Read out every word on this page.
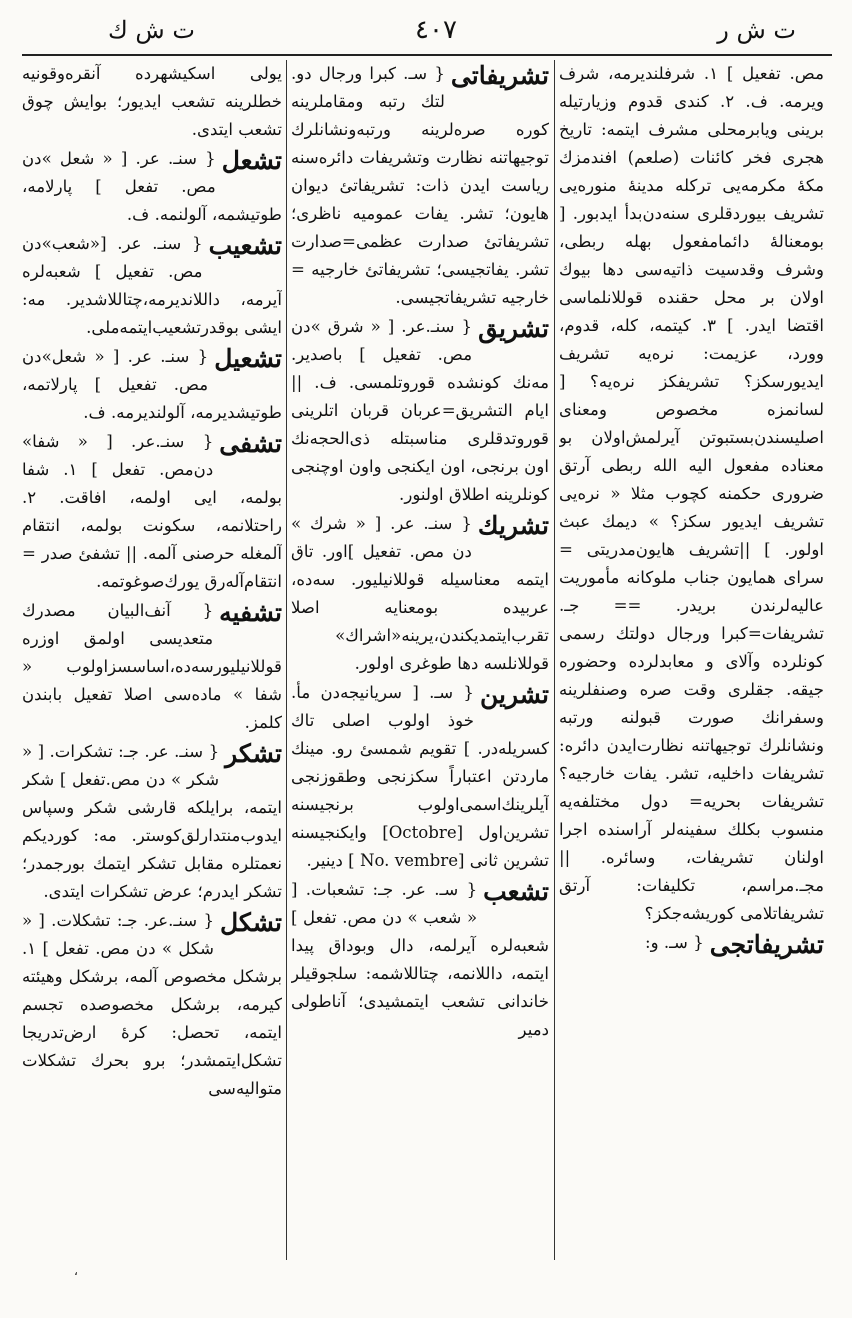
ت ش ر
٤٠٧
ت ش ك
مص. تفعيل ] ١. شرفلندیرمه، شرف ويرمه. ف. ٢. كندى قدوم وزيارتيله برينى ويابرمحلى مشرف ايتمه: تاريخ هجرى فخر كائنات (صلعم) افندمزك مكهٔ مكرمه‌يى تركله مدينهٔ منوره‌يى تشريف بيوردقلرى سنه‌دن‌بدأ ايدبور. [ بومعنالهٔ دائمامفعول بهله ربطى، وشرف وقدسيت ذاتيه‌سى دها بيوك اولان بر محل حقنده قوللانلماسى اقتضا ايدر. ] ٣. كيتمه، كله، قدوم، وورد، عزيمت: نره‌يه تشريف ايديورسكز؟ تشريفكز نره‌يه؟ [ لسانمزه مخصوص ومعناى اصليسندن‌بستبوتن آيرلمش‌اولان بو معناده مفعول اليه الله ربطى آرتق ضرورى حكمنه كچوب مثلا « نره‌يى تشريف ايديور سكز؟ » ديمك عبث اولور. ] ||تشريف هايون‌مدريتى = سراى همايون جناب ملوكانه مأموريت عاليه‌لرندن بريدر. == جـ. تشريفات=كبرا ورجال دولتك رسمى كونلرده وآلاى و معابدلرده وحضوره جيقه. جقلرى وقت صره وصنفلرينه وسفرانك صورت قبولنه ورتبه ونشانلرك توجيهاتنه نظارت‌ايدن دائره: تشريفات داخليه، تشر. يفات خارجيه؟ تشريفات بحريه= دول مختلفه‌يه منسوب بكلك سفينه‌لر آراسنده اجرا اولنان تشريفات، وسائره. || مجـ.مراسم، تكليفات: آرتق تشريفاتلامى كوريشه‌جكز؟
تشريفاتجى
{ سـ. و:
تشريفاتى
{ سـ. كبرا ورجال دو. لتك رتبه ومقاملرينه كوره صره‌لرينه ورتبه‌ونشانلرك توجيهاتنه نظارت وتشريفات دائره‌سنه رياست ايدن ذات: تشريفاتئ ديوان هايون؛ تشر. يفات عموميه ناظرى؛ تشريفاتئ صدارت عظمى=صدارت تشر. يفاتجيسى؛ تشريفاتئ خارجيه = خارجيه تشريفاتجيسى.
تشريق
{ سنـ.عر. [ « شرق »دن مص. تفعيل ] باصدير. مه‌نك كونشده قوروتلمسى. ف. || ايام التشريق=عربان قربان اتلرينى قوروتدقلرى مناسبتله ذى‌الحجه‌نك اون برنجى، اون ايكنجى واون اوچنجى كونلرينه اطلاق اولنور.
تشريك
{ سنـ. عر. [ « شرك » دن مص. تفعيل ]اور. تاق ايتمه معناسيله قوللانيليور. سه‌ده، عربيده بومعنايه اصلا تقرب‌ايتمديكندن،يرينه«اشراك» قوللانلسه دها طوغرى اولور.
تشرين
{ سـ. [ سريانيجه‌دن مأ. خوذ اولوب اصلى تاك كسريله‌در. ] تقويم شمسئ رو. مينك ماردتن اعتباراً سكزنجى وطقوزنجى آيلرينك‌اسمى‌اولوب برنجيسنه تشرين‌اول [Octobre] وايكنجيسنه تشرين ثانى [No. vembre ] دينير.
تشعب
{ سـ. عر. جـ: تشعبات. [ « شعب » دن مص. تفعل ] شعبه‌لره آيرلمه، دال وبوداق پيدا ايتمه، داللانمه، چتاللاشمه: سلجوقيلر خاندانى تشعب ايتمشيدى؛ آناطولى دمير
يولى اسكيشهرده آنقره‌وقونيه خطلرينه تشعب ايديور؛ بوايش چوق تشعب ايتدى.
تشعل
{ سنـ. عر. [ « شعل »دن مص. تفعل ] پارلامه، طوتيشمه، آلولنمه. ف.
تشعيب
{ سنـ. عر. [«شعب»دن مص. تفعيل ] شعبه‌لره آيرمه، داللانديرمه،چتاللاشدير. مه: ايشى بوقدرتشعيب‌ايتمه‌ملى.
تشعيل
{ سنـ. عر. [ « شعل»دن مص. تفعيل ] پارلاتمه، طوتيشديرمه، آلولنديرمه. ف.
تشفى
{ سنـ.عر. [ « شفا» دن‌مص. تفعل ] ١. شفا بولمه، ايى اولمه، افاقت. ٢. راحتلانمه، سكونت بولمه، انتقام آلمغله حرصنى آلمه. || تشفئ صدر = انتقام‌آله‌رق يورك‌صوغوتمه.
تشفيه
{ آنف‌البيان مصدرك متعديسى اولمق اوزره قوللانيليورسه‌ده،اساسسزاولوب « شفا » ماده‌سى اصلا تفعيل بابندن كلمز.
تشكر
{ سنـ. عر. جـ: تشكرات. [ « شكر » دن مص.تفعل ] شكر ايتمه، برايلكه قارشى شكر وسپاس ايدوب‌منتدارلق‌كوستر. مه: كورديكم نعمتلره مقابل تشكر ايتمك بورجمدر؛ تشكر ايدرم؛ عرض تشكرات ايتدى.
تشكل
{ سنـ.عر. جـ: تشكلات. [ « شكل » دن مص. تفعل ] ١. برشكل مخصوص آلمه، برشكل وهيئته كيرمه، برشكل مخصوصده تجسم ايتمه، تحصل: كرهٔ ارض‌تدريجا تشكل‌ايتمشدر؛ برو بحرك تشكلات متواليه‌سى
،
